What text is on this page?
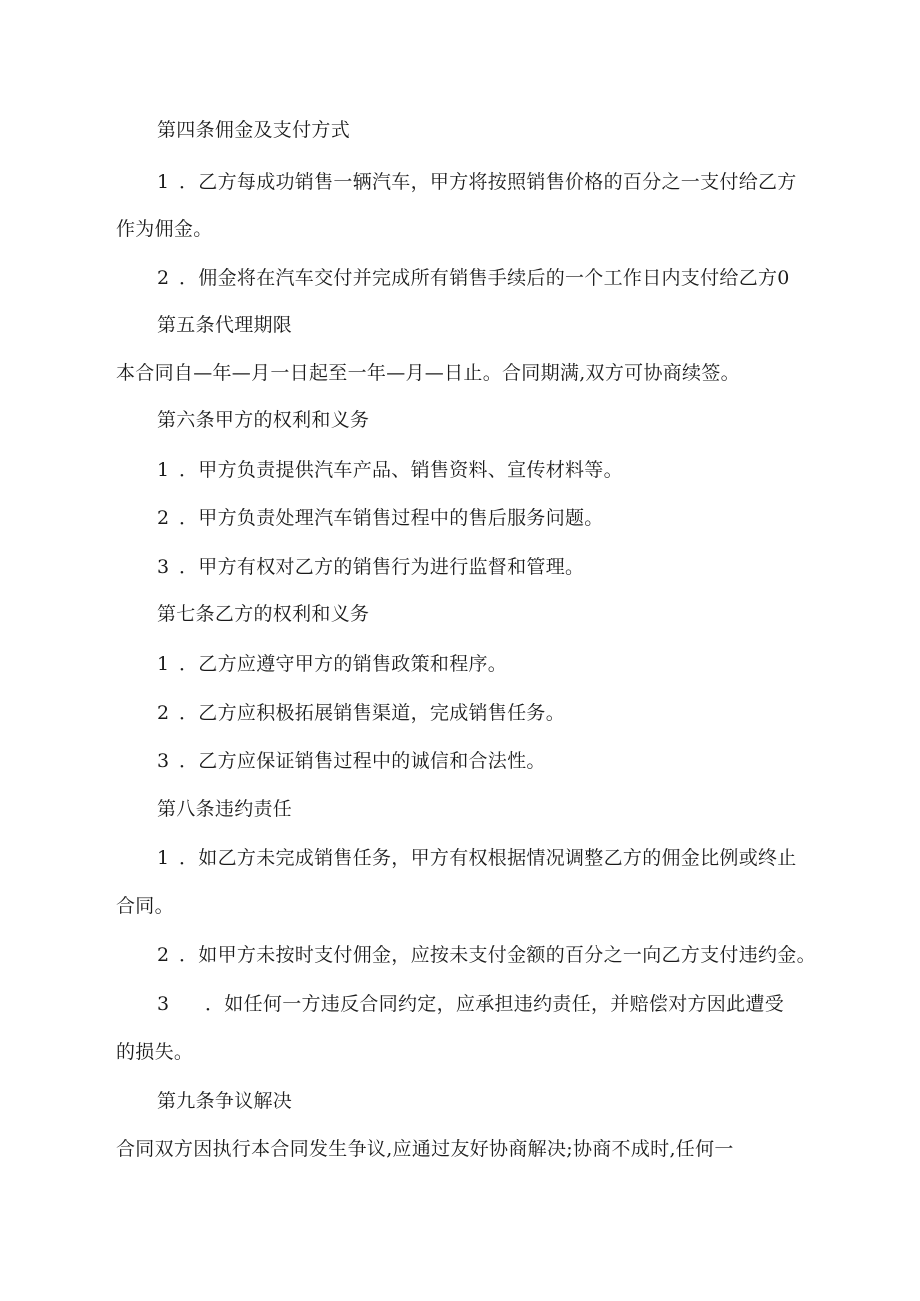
第四条佣金及支付方式
1 ．乙方每成功销售一辆汽车，甲方将按照销售价格的百分之一支付给乙方
作为佣金。
2 ．佣金将在汽车交付并完成所有销售手续后的一个工作日内支付给乙方0
第五条代理期限
本合同自—年—月一日起至一年—月—日止。合同期满,双方可协商续签。
第六条甲方的权利和义务
1 ．甲方负责提供汽车产品、销售资料、宣传材料等。
2 ．甲方负责处理汽车销售过程中的售后服务问题。
3 ．甲方有权对乙方的销售行为进行监督和管理。
第七条乙方的权利和义务
1 ．乙方应遵守甲方的销售政策和程序。
2 ．乙方应积极拓展销售渠道，完成销售任务。
3 ．乙方应保证销售过程中的诚信和合法性。
第八条违约责任
1 ．如乙方未完成销售任务，甲方有权根据情况调整乙方的佣金比例或终止
合同。
2 ．如甲方未按时支付佣金，应按未支付金额的百分之一向乙方支付违约金。
3 ．如任何一方违反合同约定，应承担违约责任，并赔偿对方因此遭受
的损失。
第九条争议解决
合同双方因执行本合同发生争议,应通过友好协商解决;协商不成时,任何一
